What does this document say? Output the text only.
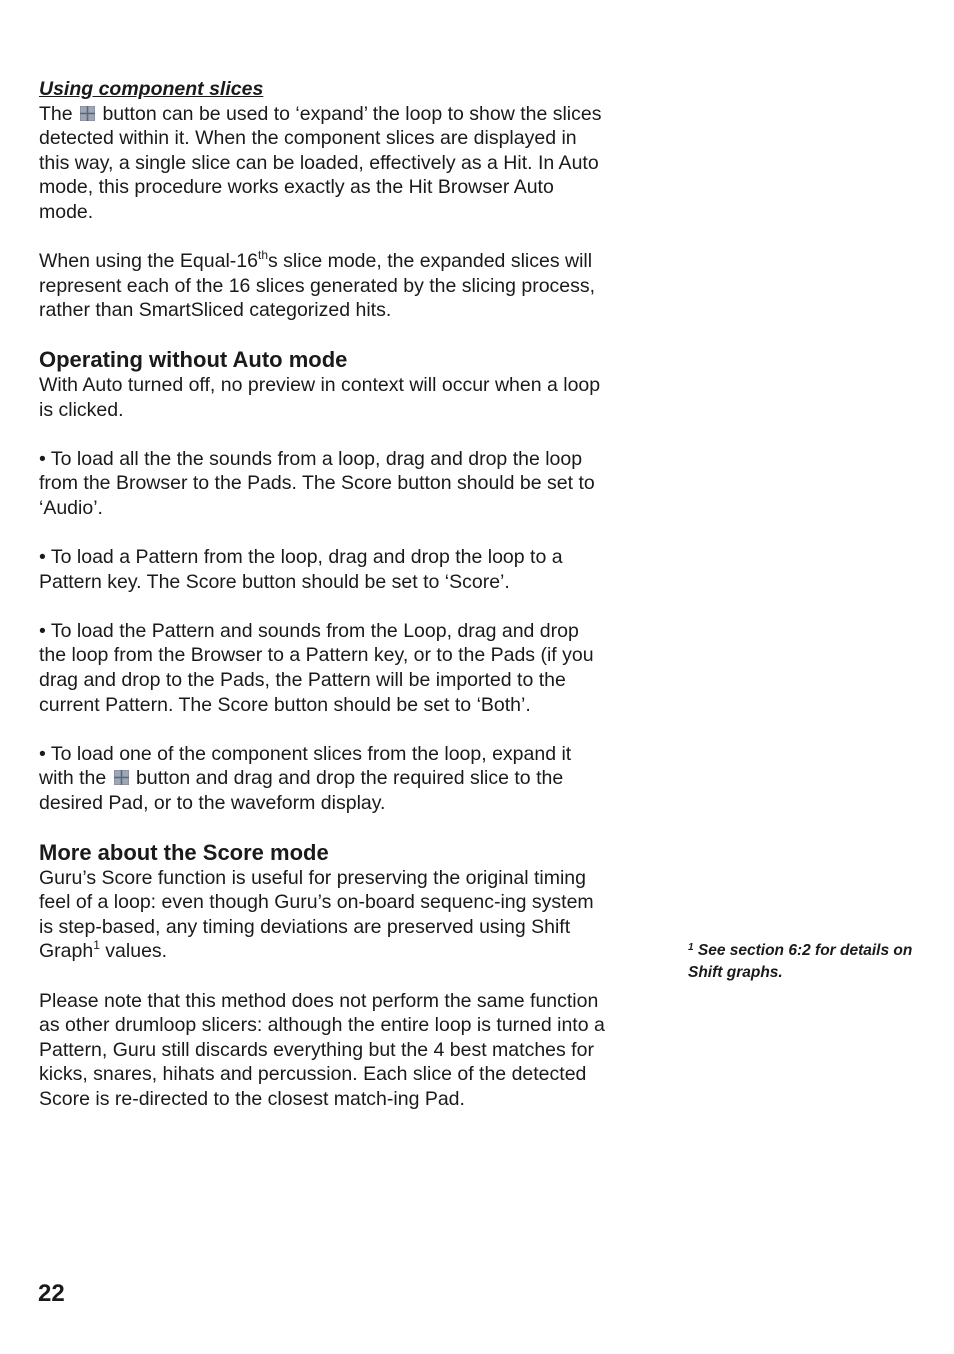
Using component slices

The button can be used to ‘expand’ the loop to show the slices detected within it. When the component slices are displayed in this way, a single slice can be loaded, effectively as a Hit. In Auto mode, this procedure works exactly as the Hit Browser Auto mode.

When using the Equal-16ths slice mode, the expanded slices will represent each of the 16 slices generated by the slicing process, rather than SmartSliced categorized hits.

Operating without Auto mode

With Auto turned off, no preview in context will occur when a loop is clicked.

• To load all the the sounds from a loop, drag and drop the loop from the Browser to the Pads. The Score button should be set to ‘Audio’.

• To load a Pattern from the loop, drag and drop the loop to a Pattern key. The Score button should be set to ‘Score’.

• To load the Pattern and sounds from the Loop, drag and drop the loop from the Browser to a Pattern key, or to the Pads (if you drag and drop to the Pads, the Pattern will be imported to the current Pattern. The Score button should be set to ‘Both’.

• To load one of the component slices from the loop, expand it with the button and drag and drop the required slice to the desired Pad, or to the waveform display.

More about the Score mode

Guru’s Score function is useful for preserving the original timing feel of a loop: even though Guru’s on-board sequenc-ing system is step-based, any timing deviations are preserved using Shift Graph$^1$ values.

Please note that this method does not perform the same function as other drumloop slicers: although the entire loop is turned into a Pattern, Guru still discards everything but the 4 best matches for kicks, snares, hihats and percussion. Each slice of the detected Score is re-directed to the closest match-ing Pad.

$^1$ See section 6:2 for details on Shift graphs.
22
